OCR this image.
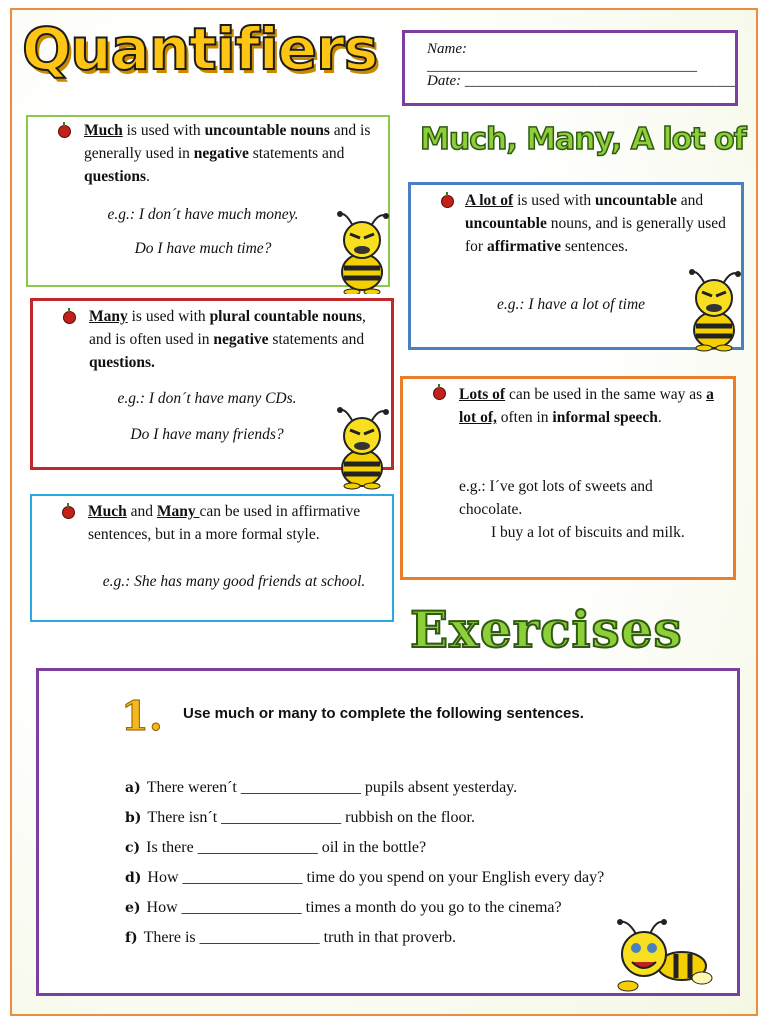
Quantifiers	Name: ____________________________________
Date: ____________________________________
Much, Many, A lot of
Much is used with uncountable nouns and is generally used in negative statements and questions.
e.g.: I don´t have much money.
Do I have much time?
A lot of is used with uncountable and uncountable nouns, and is generally used for affirmative sentences.
e.g.: I have a lot of time
Many is used with plural countable nouns, and is often used in negative statements and questions.
e.g.: I don´t have many CDs.
Do I have many friends?
Lots of can be used in the same way as a lot of, often in informal speech.
e.g.: I´ve got lots of sweets and chocolate.
I buy a lot of biscuits and milk.
Much and Many can be used in affirmative sentences, but in a more formal style.
e.g.: She has many good friends at school.
Exercises
1. Use much or many to complete the following sentences.
a) There weren´t _______________ pupils absent yesterday.
b) There isn´t _______________ rubbish on the floor.
c) Is there _______________ oil in the bottle?
d) How _______________ time do you spend on your English every day?
e) How _______________ times a month do you go to the cinema?
f) There is _______________ truth in that proverb.
